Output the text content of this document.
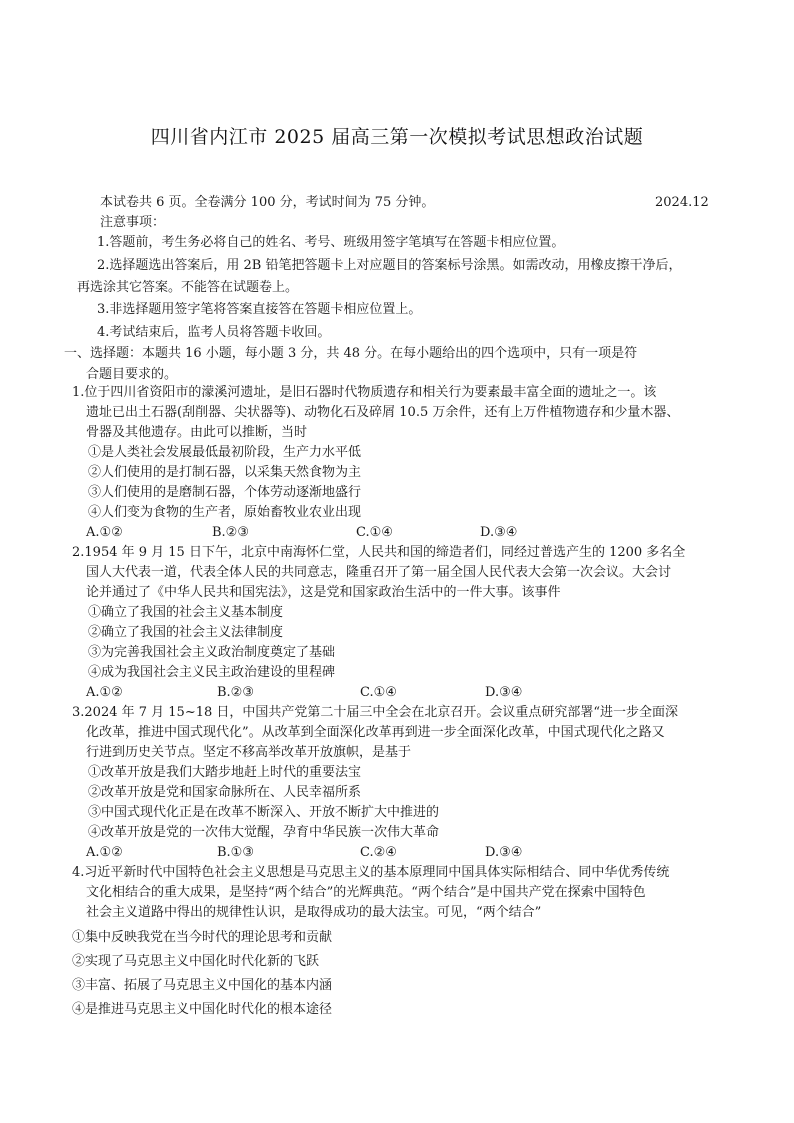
四川省内江市 2025 届高三第一次模拟考试思想政治试题
本试卷共 6 页。全卷满分 100 分，考试时间为 75 分钟。	2024.12
注意事项：
1.答题前，考生务必将自己的姓名、考号、班级用签字笔填写在答题卡相应位置。
2.选择题选出答案后，用 2B 铅笔把答题卡上对应题目的答案标号涂黑。如需改动，用橡皮擦干净后，
再选涂其它答案。不能答在试题卷上。
3.非选择题用签字笔将答案直接答在答题卡相应位置上。
4.考试结束后，监考人员将答题卡收回。
一、选择题：本题共 16 小题，每小题 3 分，共 48 分。在每小题给出的四个选项中，只有一项是符
合题目要求的。
1.位于四川省资阳市的濛溪河遗址，是旧石器时代物质遗存和相关行为要素最丰富全面的遗址之一。该
遗址已出土石器(刮削器、尖状器等)、动物化石及碎屑 10.5 万余件，还有上万件植物遗存和少量木器、
骨器及其他遗存。由此可以推断，当时
①是人类社会发展最低最初阶段，生产力水平低
②人们使用的是打制石器，以采集天然食物为主
③人们使用的是磨制石器，个体劳动逐渐地盛行
④人们变为食物的生产者，原始畜牧业农业出现
A.①②	B.②③	C.①④	D.③④
2.1954 年 9 月 15 日下午，北京中南海怀仁堂，人民共和国的缔造者们，同经过普选产生的 1200 多名全
国人大代表一道，代表全体人民的共同意志，隆重召开了第一届全国人民代表大会第一次会议。大会讨
论并通过了《中华人民共和国宪法》，这是党和国家政治生活中的一件大事。该事件
①确立了我国的社会主义基本制度
②确立了我国的社会主义法律制度
③为完善我国社会主义政治制度奠定了基础
④成为我国社会主义民主政治建设的里程碑
A.①②	B.②③	C.①④	D.③④
3.2024 年 7 月 15~18 日，中国共产党第二十届三中全会在北京召开。会议重点研究部署“进一步全面深
化改革，推进中国式现代化”。从改革到全面深化改革再到进一步全面深化改革，中国式现代化之路又
行进到历史关节点。坚定不移高举改革开放旗帜，是基于
①改革开放是我们大踏步地赶上时代的重要法宝
②改革开放是党和国家命脉所在、人民幸福所系
③中国式现代化正是在改革不断深入、开放不断扩大中推进的
④改革开放是党的一次伟大觉醒，孕育中华民族一次伟大革命
A.①②	B.①③	C.②④	D.③④
4.习近平新时代中国特色社会主义思想是马克思主义的基本原理同中国具体实际相结合、同中华优秀传统
文化相结合的重大成果，是坚持“两个结合”的光辉典范。“两个结合”是中国共产党在探索中国特色
社会主义道路中得出的规律性认识，是取得成功的最大法宝。可见，“两个结合”
①集中反映我党在当今时代的理论思考和贡献
②实现了马克思主义中国化时代化新的飞跃
③丰富、拓展了马克思主义中国化的基本内涵
④是推进马克思主义中国化时代化的根本途径
